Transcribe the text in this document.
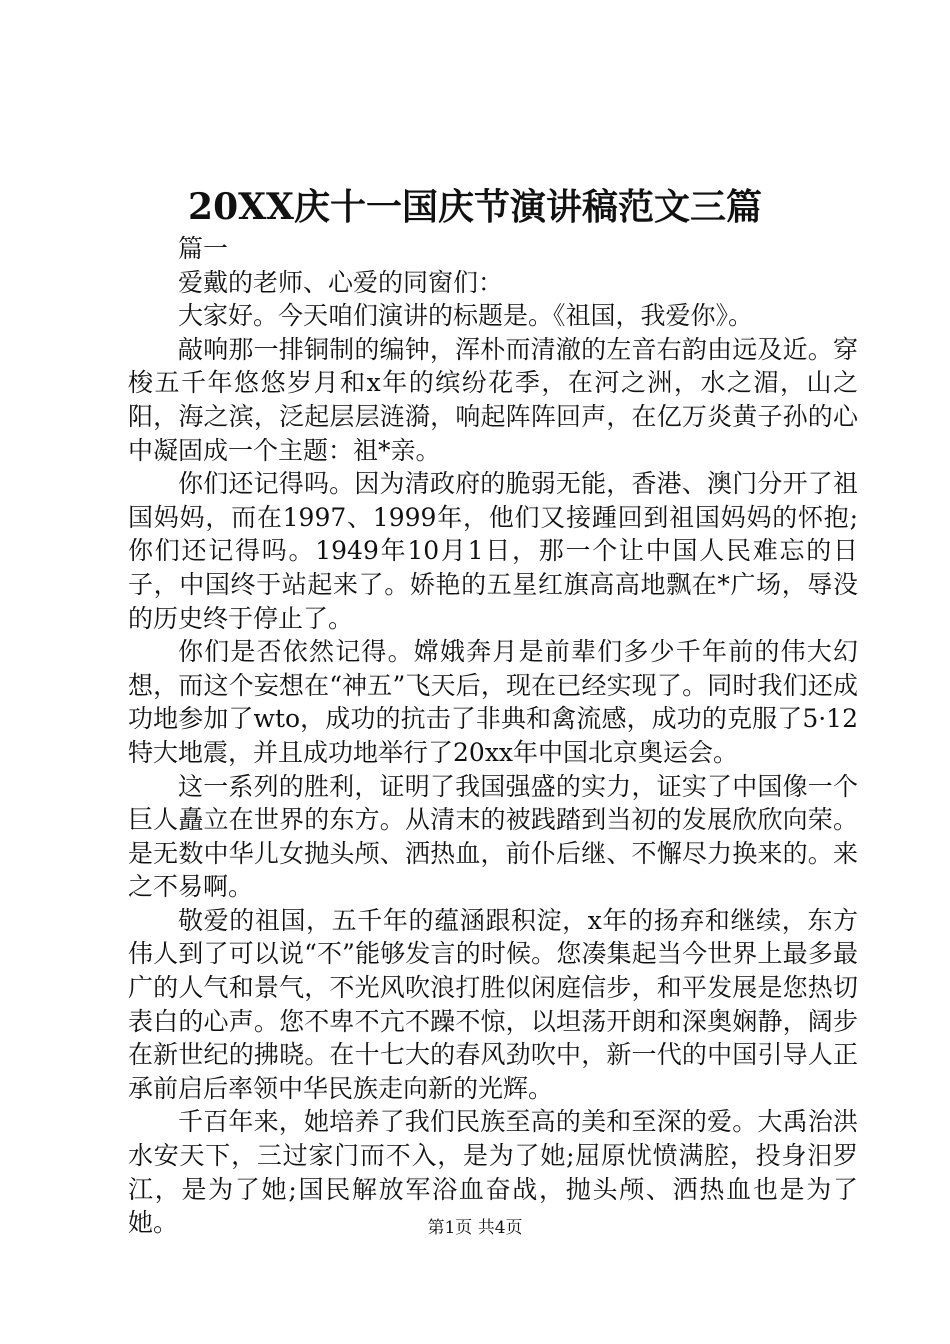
20XX庆十一国庆节演讲稿范文三篇

篇一

爱戴的老师、心爱的同窗们：

大家好。今天咱们演讲的标题是。《祖国，我爱你》。

敲响那一排铜制的编钟，浑朴而清澈的左音右韵由远及近。穿梭五千年悠悠岁月和x年的缤纷花季，在河之洲，水之湄，山之阳，海之滨，泛起层层涟漪，响起阵阵回声，在亿万炎黄子孙的心中凝固成一个主题：祖*亲。

你们还记得吗。因为清政府的脆弱无能，香港、澳门分开了祖国妈妈，而在1997、1999年，他们又接踵回到祖国妈妈的怀抱;你们还记得吗。1949年10月1日，那一个让中国人民难忘的日子，中国终于站起来了。娇艳的五星红旗高高地飘在*广场，辱没的历史终于停止了。

你们是否依然记得。嫦娥奔月是前辈们多少千年前的伟大幻想，而这个妄想在“神五”飞天后，现在已经实现了。同时我们还成功地参加了wto，成功的抗击了非典和禽流感，成功的克服了5·12特大地震，并且成功地举行了20xx年中国北京奥运会。

这一系列的胜利，证明了我国强盛的实力，证实了中国像一个巨人矗立在世界的东方。从清末的被践踏到当初的发展欣欣向荣。是无数中华儿女抛头颅、洒热血，前仆后继、不懈尽力换来的。来之不易啊。

敬爱的祖国，五千年的蕴涵跟积淀，x年的扬弃和继续，东方伟人到了可以说“不”能够发言的时候。您凑集起当今世界上最多最广的人气和景气，不光风吹浪打胜似闲庭信步，和平发展是您热切表白的心声。您不卑不亢不躁不惊，以坦荡开朗和深奥娴静，阔步在新世纪的拂晓。在十七大的春风劲吹中，新一代的中国引导人正承前启后率领中华民族走向新的光辉。

千百年来，她培养了我们民族至高的美和至深的爱。大禹治洪水安天下，三过家门而不入，是为了她;屈原忧愤满腔，投身汨罗江，是为了她;国民解放军浴血奋战，抛头颅、洒热血也是为了她。	第1页 共4页
